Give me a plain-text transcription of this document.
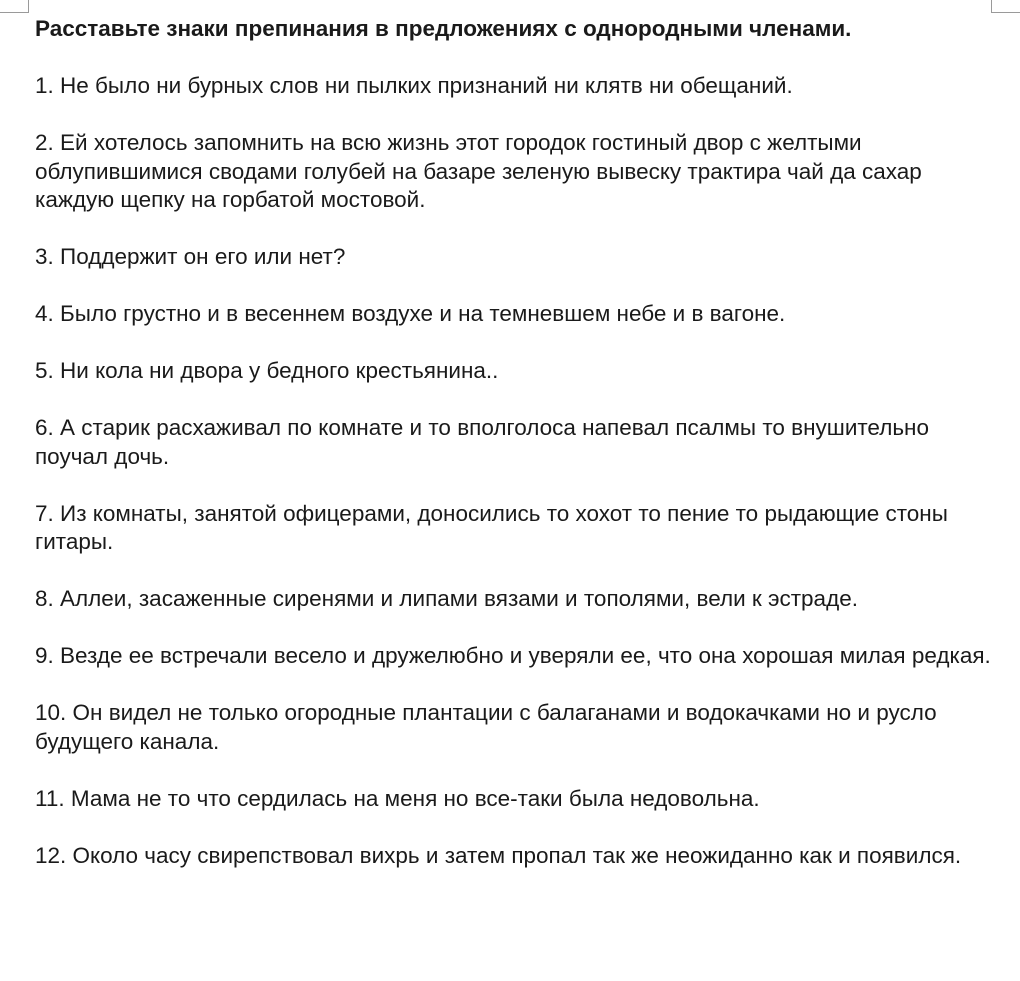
Расставьте знаки препинания в предложениях с однородными членами.
1. Не было ни бурных слов ни пылких признаний ни клятв ни обещаний.
2. Ей хотелось запомнить на всю жизнь этот городок гостиный двор с желтыми облупившимися сводами голубей на базаре зеленую вывеску трактира чай да сахар каждую щепку на горбатой мостовой.
3. Поддержит он его или нет?
4. Было грустно и в весеннем воздухе и на темневшем небе и в вагоне.
5. Ни кола ни двора у бедного крестьянина..
6. А старик расхаживал по комнате и то вполголоса напевал псалмы то внушительно поучал дочь.
7. Из комнаты, занятой офицерами, доносились то хохот то пение то рыдающие стоны гитары.
8. Аллеи, засаженные сиренями и липами вязами и тополями, вели к эстраде.
9. Везде ее встречали весело и дружелюбно и уверяли ее, что она хорошая милая редкая.
10. Он видел не только огородные плантации с балаганами и водокачками но и русло будущего канала.
11. Мама не то что сердилась на меня но все-таки была недовольна.
12. Около часу свирепствовал вихрь и затем пропал так же неожиданно как и появился.
